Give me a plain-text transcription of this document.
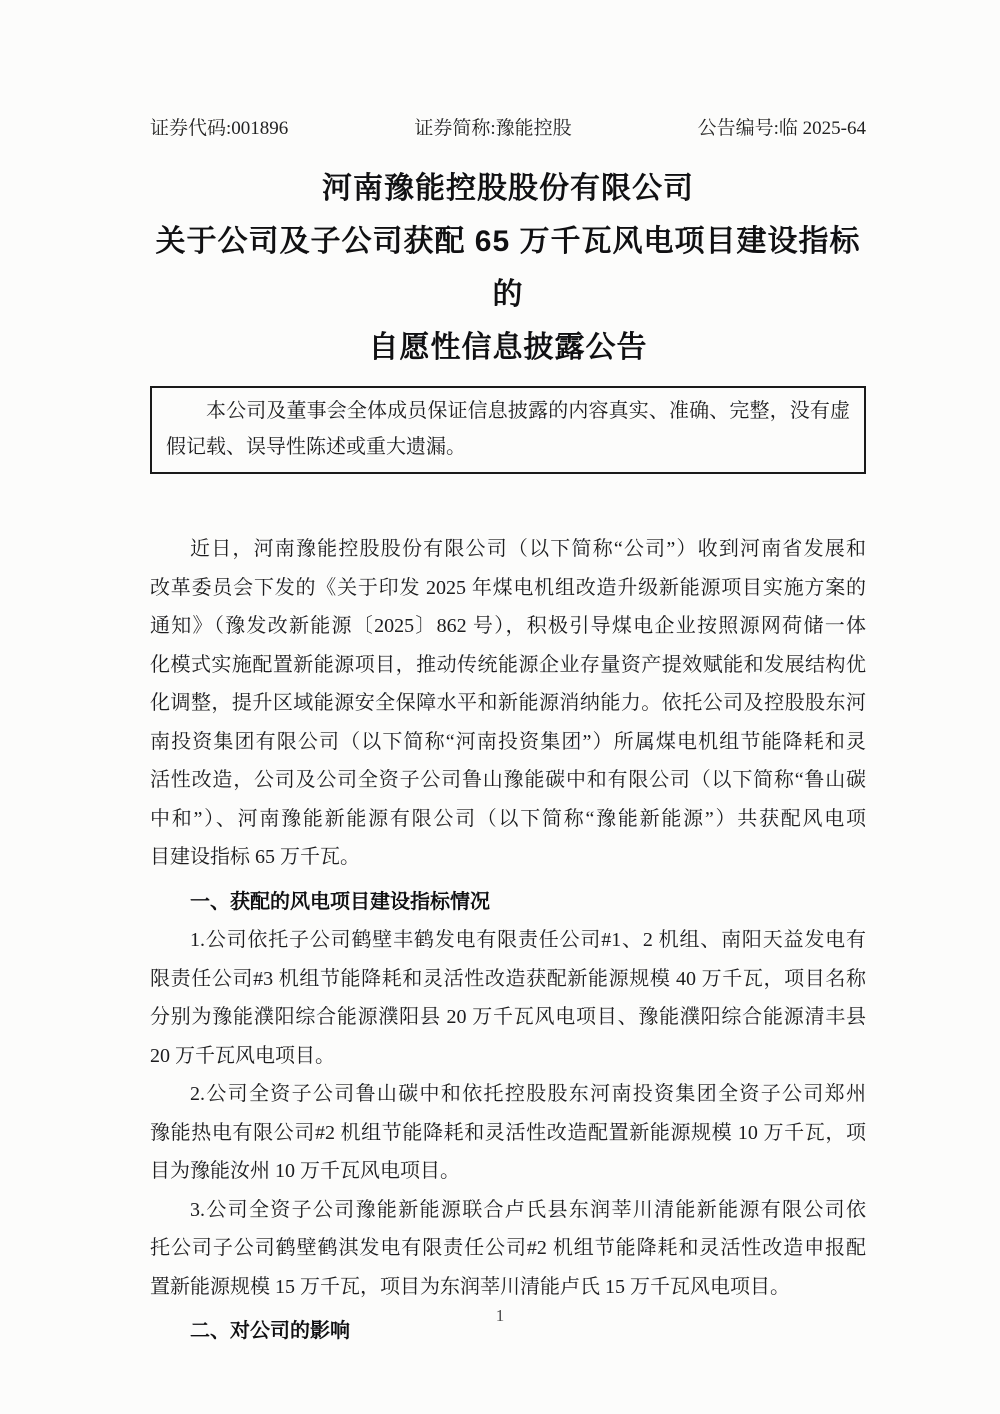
证券代码:001896	证券简称:豫能控股	公告编号:临 2025-64
河南豫能控股股份有限公司
关于公司及子公司获配 65 万千瓦风电项目建设指标的
自愿性信息披露公告
本公司及董事会全体成员保证信息披露的内容真实、准确、完整，没有虚
假记载、误导性陈述或重大遗漏。
近日，河南豫能控股股份有限公司（以下简称“公司”）收到河南省发展和
改革委员会下发的《关于印发 2025 年煤电机组改造升级新能源项目实施方案的
通知》（豫发改新能源〔2025〕862 号），积极引导煤电企业按照源网荷储一体
化模式实施配置新能源项目，推动传统能源企业存量资产提效赋能和发展结构优
化调整，提升区域能源安全保障水平和新能源消纳能力。依托公司及控股股东河
南投资集团有限公司（以下简称“河南投资集团”）所属煤电机组节能降耗和灵
活性改造，公司及公司全资子公司鲁山豫能碳中和有限公司（以下简称“鲁山碳
中和”）、河南豫能新能源有限公司（以下简称“豫能新能源”）共获配风电项
目建设指标 65 万千瓦。
一、获配的风电项目建设指标情况
1.公司依托子公司鹤壁丰鹤发电有限责任公司#1、2 机组、南阳天益发电有
限责任公司#3 机组节能降耗和灵活性改造获配新能源规模 40 万千瓦，项目名称
分别为豫能濮阳综合能源濮阳县 20 万千瓦风电项目、豫能濮阳综合能源清丰县
20 万千瓦风电项目。
2.公司全资子公司鲁山碳中和依托控股股东河南投资集团全资子公司郑州
豫能热电有限公司#2 机组节能降耗和灵活性改造配置新能源规模 10 万千瓦，项
目为豫能汝州 10 万千瓦风电项目。
3.公司全资子公司豫能新能源联合卢氏县东润莘川清能新能源有限公司依
托公司子公司鹤壁鹤淇发电有限责任公司#2 机组节能降耗和灵活性改造申报配
置新能源规模 15 万千瓦，项目为东润莘川清能卢氏 15 万千瓦风电项目。
二、对公司的影响
1
